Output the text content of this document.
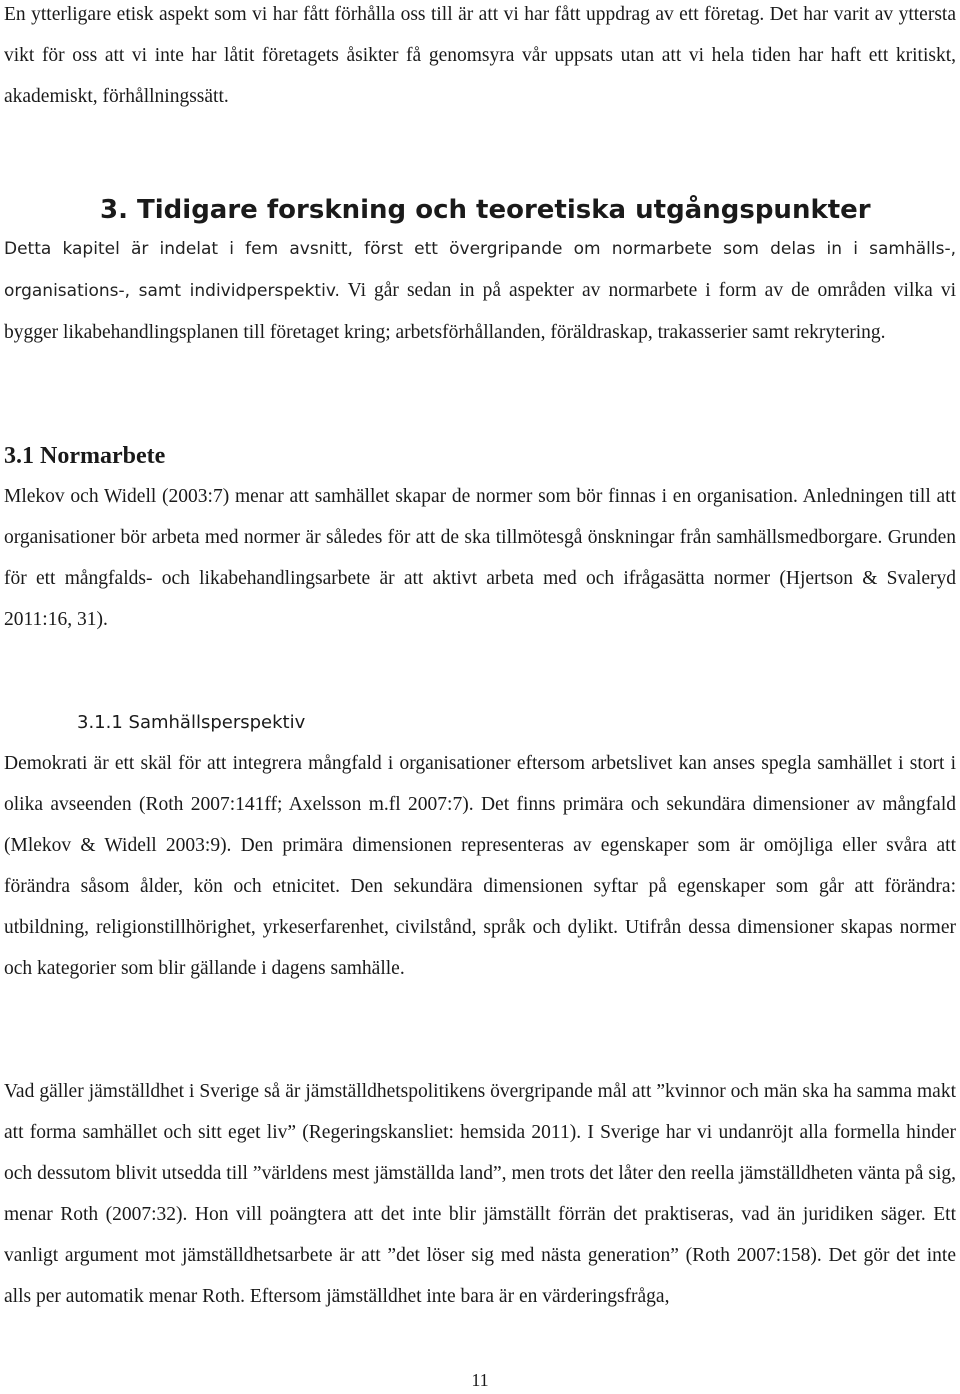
En ytterligare etisk aspekt som vi har fått förhålla oss till är att vi har fått uppdrag av ett företag. Det har varit av yttersta vikt för oss att vi inte har låtit företagets åsikter få genomsyra vår uppsats utan att vi hela tiden har haft ett kritiskt, akademiskt, förhållningssätt.

3. Tidigare forskning och teoretiska utgångspunkter

Detta kapitel är indelat i fem avsnitt, först ett övergripande om normarbete som delas in i samhälls-, organisations-, samt individperspektiv. Vi går sedan in på aspekter av normarbete i form av de områden vilka vi bygger likabehandlingsplanen till företaget kring; arbetsförhållanden, föräldraskap, trakasserier samt rekrytering.

3.1 Normarbete

Mlekov och Widell (2003:7) menar att samhället skapar de normer som bör finnas i en organisation. Anledningen till att organisationer bör arbeta med normer är således för att de ska tillmötesgå önskningar från samhällsmedborgare. Grunden för ett mångfalds- och likabehandlingsarbete är att aktivt arbeta med och ifrågasätta normer (Hjertson & Svaleryd 2011:16, 31).

3.1.1 Samhällsperspektiv

Demokrati är ett skäl för att integrera mångfald i organisationer eftersom arbetslivet kan anses spegla samhället i stort i olika avseenden (Roth 2007:141ff; Axelsson m.fl 2007:7). Det finns primära och sekundära dimensioner av mångfald (Mlekov & Widell 2003:9). Den primära dimensionen representeras av egenskaper som är omöjliga eller svåra att förändra såsom ålder, kön och etnicitet. Den sekundära dimensionen syftar på egenskaper som går att förändra: utbildning, religionstillhörighet, yrkeserfarenhet, civilstånd, språk och dylikt. Utifrån dessa dimensioner skapas normer och kategorier som blir gällande i dagens samhälle.

Vad gäller jämställdhet i Sverige så är jämställdhetspolitikens övergripande mål att ”kvinnor och män ska ha samma makt att forma samhället och sitt eget liv” (Regeringskansliet: hemsida 2011). I Sverige har vi undanröjt alla formella hinder och dessutom blivit utsedda till ”världens mest jämställda land”, men trots det låter den reella jämställdheten vänta på sig, menar Roth (2007:32). Hon vill poängtera att det inte blir jämställt förrän det praktiseras, vad än juridiken säger. Ett vanligt argument mot jämställdhetsarbete är att ”det löser sig med nästa generation” (Roth 2007:158). Det gör det inte alls per automatik menar Roth. Eftersom jämställdhet inte bara är en värderingsfråga,

11
